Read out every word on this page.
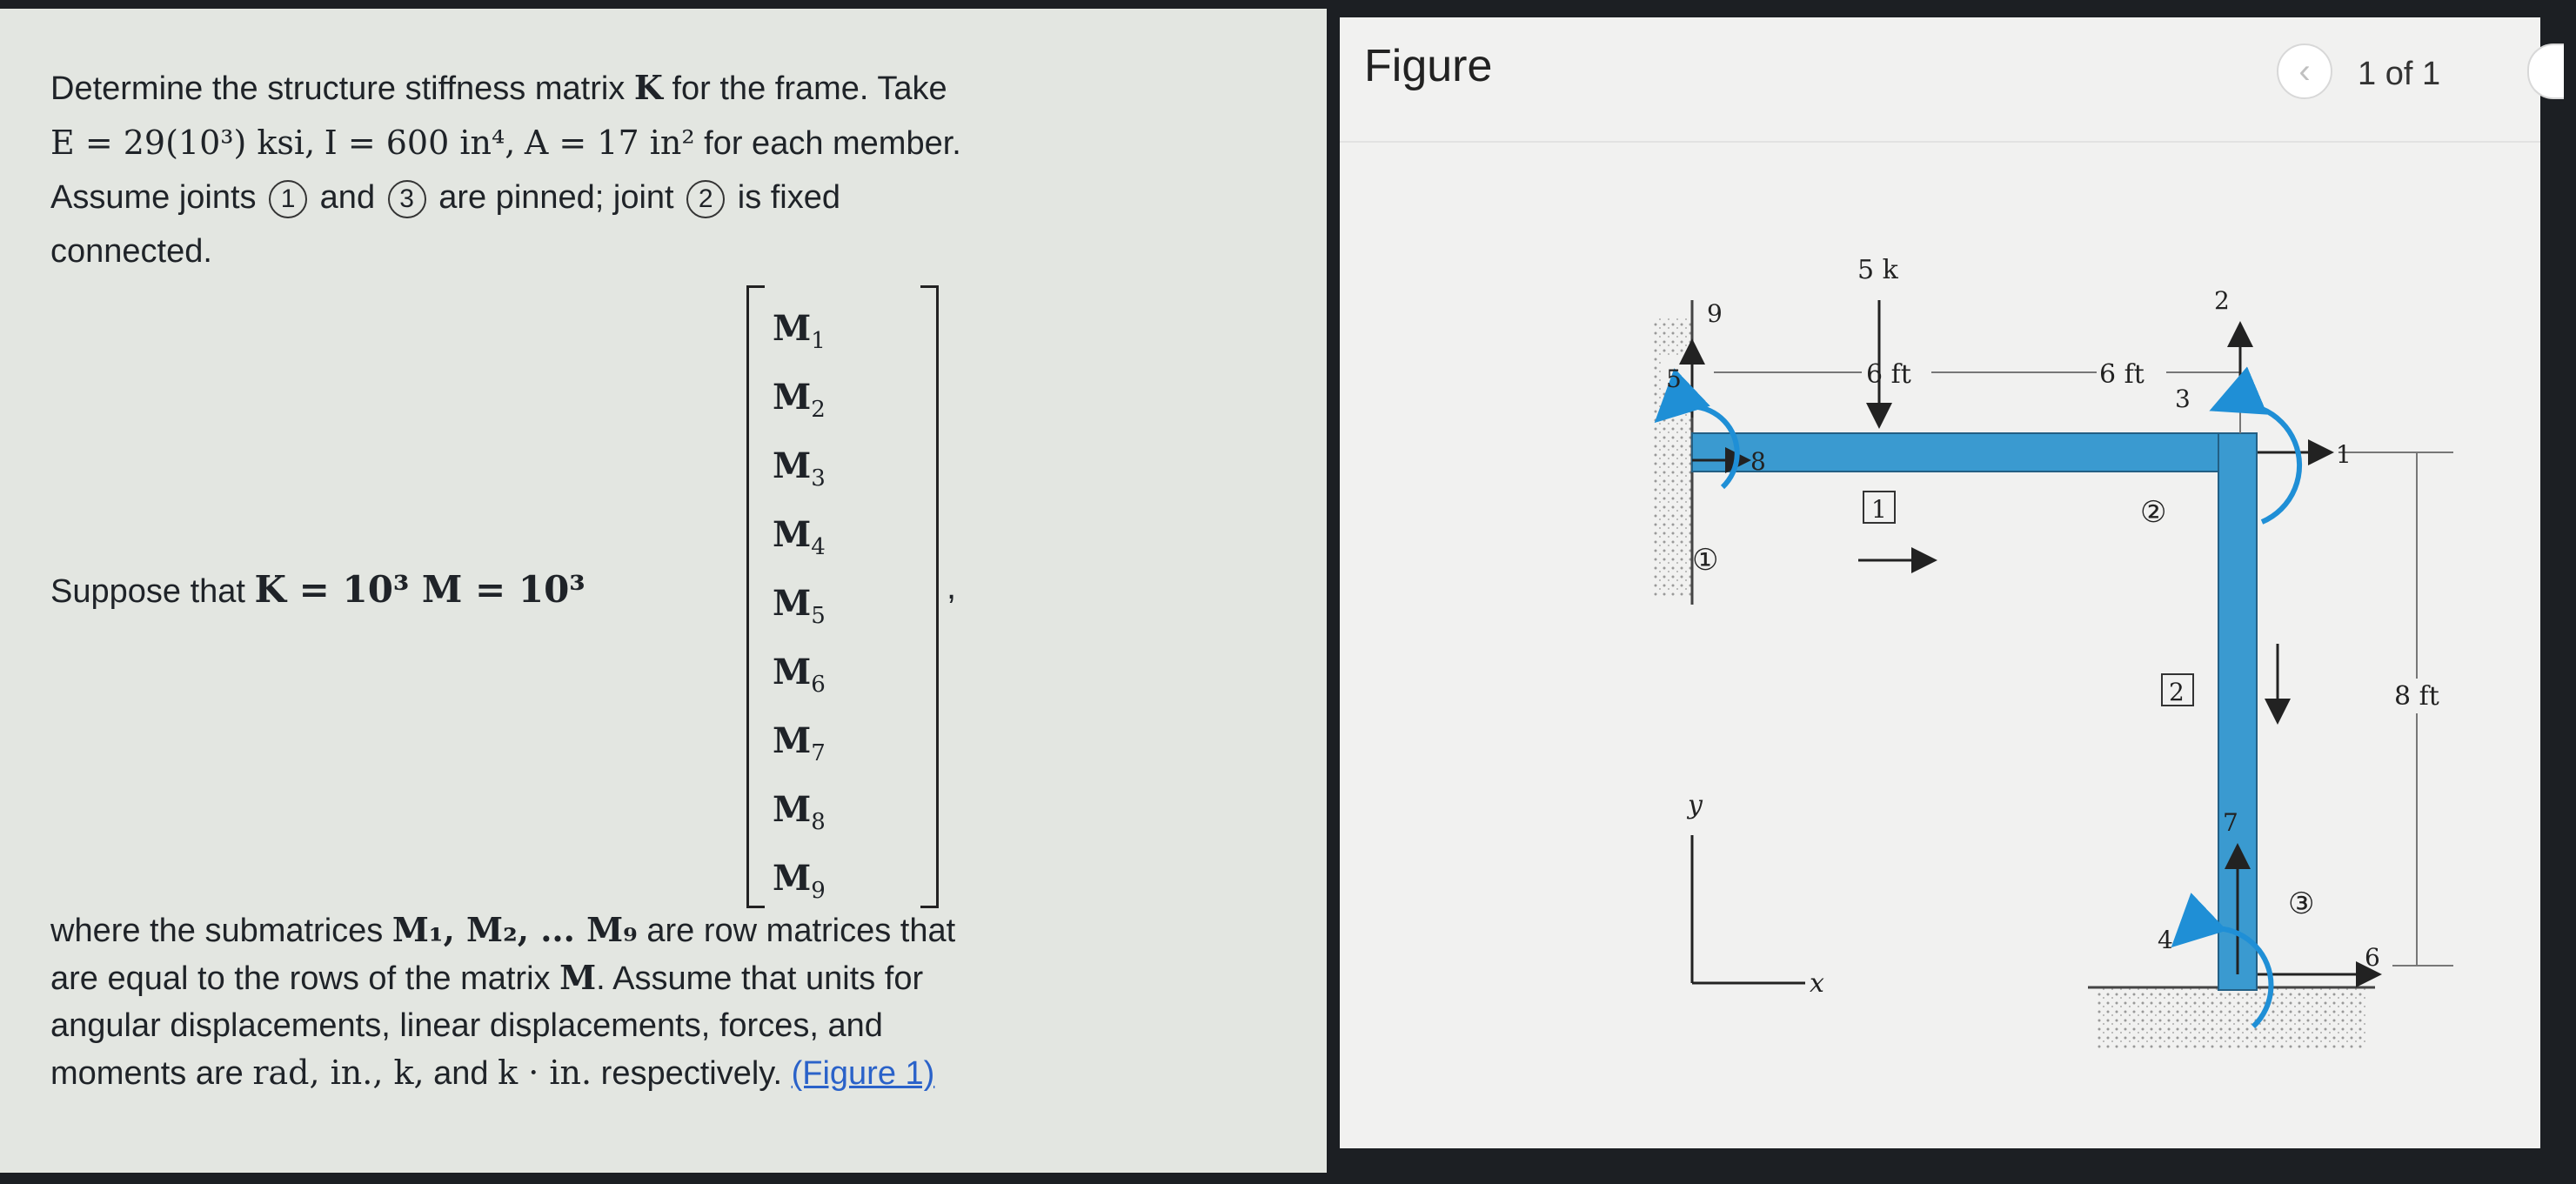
Determine the structure stiffness matrix K for the frame. Take
E = 29(10³) ksi, I = 600 in⁴, A = 17 in² for each member.
Assume joints 1 and 3 are pinned; joint 2 is fixed
connected.

Suppose that K = 10³ M = 10³
$M_1$
$M_2$
$M_3$
$M_4$
$M_5$
$M_6$
$M_7$
$M_8$
$M_9$
,

where the submatrices M₁, M₂, ... M₉ are row matrices that
are equal to the rows of the matrix M. Assume that units for
angular displacements, linear displacements, forces, and
moments are rad, in., k, and k · in. respectively. (Figure 1)

Figure	‹ 1 of 1
6 ft	6 ft
5 k
1
2
①
②
③
9
8
5
2
1
3
7
6
4
8 ft
y
x
